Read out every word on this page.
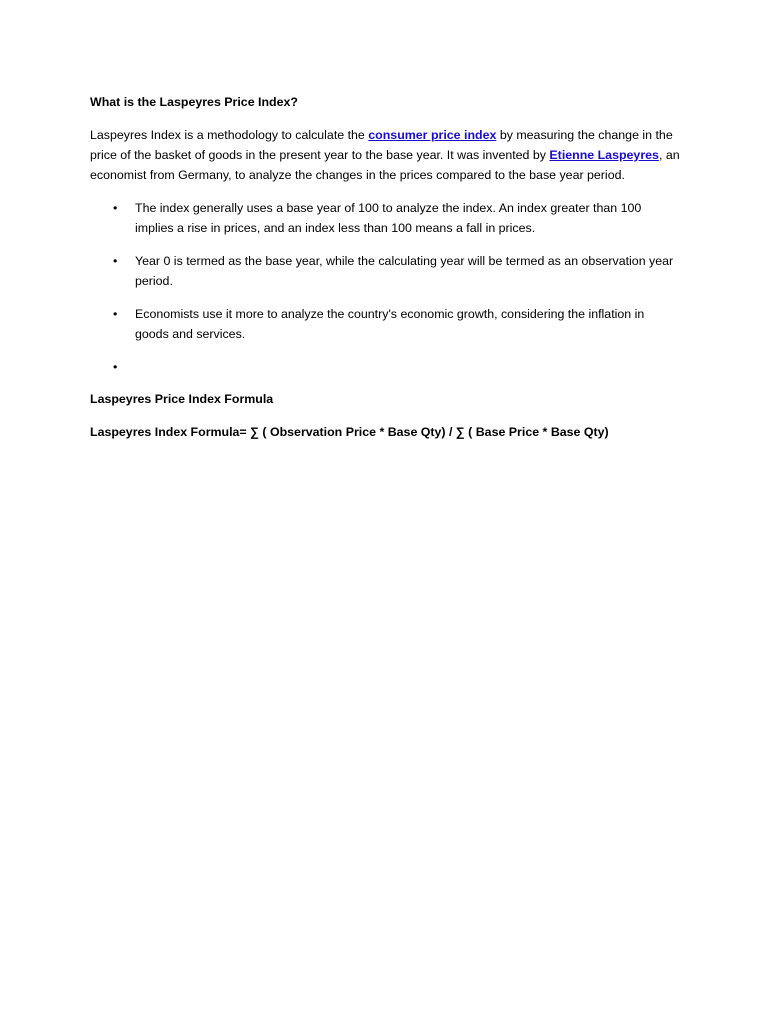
What is the Laspeyres Price Index?

Laspeyres Index is a methodology to calculate the consumer price index by measuring the change in the price of the basket of goods in the present year to the base year. It was invented by Etienne Laspeyres, an economist from Germany, to analyze the changes in the prices compared to the base year period.

• The index generally uses a base year of 100 to analyze the index. An index greater than 100 implies a rise in prices, and an index less than 100 means a fall in prices.
• Year 0 is termed as the base year, while the calculating year will be termed as an observation year period.
• Economists use it more to analyze the country's economic growth, considering the inflation in goods and services.
•
Laspeyres Price Index Formula
Laspeyres Index Formula= ∑ ( Observation Price * Base Qty) / ∑ ( Base Price * Base Qty)
